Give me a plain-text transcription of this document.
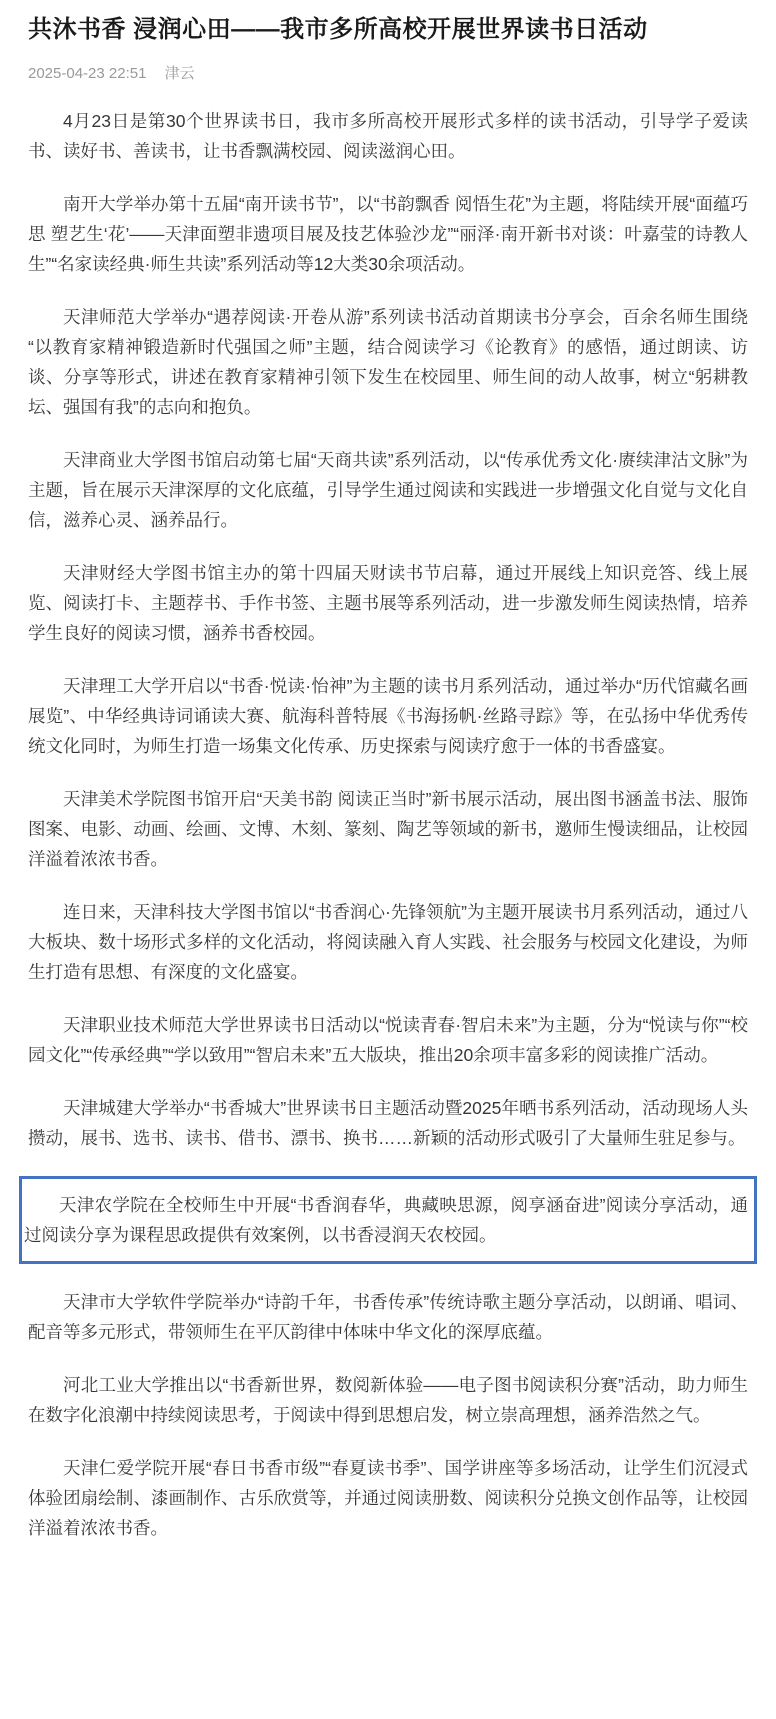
共沐书香 浸润心田——我市多所高校开展世界读书日活动
2025-04-23 22:51 津云

4月23日是第30个世界读书日，我市多所高校开展形式多样的读书活动，引导学子爱读书、读好书、善读书，让书香飘满校园、阅读滋润心田。

南开大学举办第十五届“南开读书节”，以“书韵飘香 阅悟生花”为主题，将陆续开展“面蕴巧思 塑艺生‘花’——天津面塑非遗项目展及技艺体验沙龙”“丽泽·南开新书对谈：叶嘉莹的诗教人生”“名家读经典·师生共读”系列活动等12大类30余项活动。

天津师范大学举办“遇荐阅读·开卷从游”系列读书活动首期读书分享会，百余名师生围绕“以教育家精神锻造新时代强国之师”主题，结合阅读学习《论教育》的感悟，通过朗读、访谈、分享等形式，讲述在教育家精神引领下发生在校园里、师生间的动人故事，树立“躬耕教坛、强国有我”的志向和抱负。

天津商业大学图书馆启动第七届“天商共读”系列活动，以“传承优秀文化·赓续津沽文脉”为主题，旨在展示天津深厚的文化底蕴，引导学生通过阅读和实践进一步增强文化自觉与文化自信，滋养心灵、涵养品行。

天津财经大学图书馆主办的第十四届天财读书节启幕，通过开展线上知识竞答、线上展览、阅读打卡、主题荐书、手作书签、主题书展等系列活动，进一步激发师生阅读热情，培养学生良好的阅读习惯，涵养书香校园。

天津理工大学开启以“书香·悦读·怡神”为主题的读书月系列活动，通过举办“历代馆藏名画展览”、中华经典诗词诵读大赛、航海科普特展《书海扬帆·丝路寻踪》等，在弘扬中华优秀传统文化同时，为师生打造一场集文化传承、历史探索与阅读疗愈于一体的书香盛宴。

天津美术学院图书馆开启“天美书韵 阅读正当时”新书展示活动，展出图书涵盖书法、服饰图案、电影、动画、绘画、文博、木刻、篆刻、陶艺等领域的新书，邀师生慢读细品，让校园洋溢着浓浓书香。

连日来，天津科技大学图书馆以“书香润心·先锋领航”为主题开展读书月系列活动，通过八大板块、数十场形式多样的文化活动，将阅读融入育人实践、社会服务与校园文化建设，为师生打造有思想、有深度的文化盛宴。

天津职业技术师范大学世界读书日活动以“悦读青春·智启未来”为主题，分为“悦读与你”“校园文化”“传承经典”“学以致用”“智启未来”五大版块，推出20余项丰富多彩的阅读推广活动。

天津城建大学举办“书香城大”世界读书日主题活动暨2025年晒书系列活动，活动现场人头攒动，展书、选书、读书、借书、漂书、换书……新颖的活动形式吸引了大量师生驻足参与。

天津农学院在全校师生中开展“书香润春华，典藏映思源，阅享涵奋进”阅读分享活动，通过阅读分享为课程思政提供有效案例，以书香浸润天农校园。

天津市大学软件学院举办“诗韵千年，书香传承”传统诗歌主题分享活动，以朗诵、唱词、配音等多元形式，带领师生在平仄韵律中体味中华文化的深厚底蕴。

河北工业大学推出以“书香新世界，数阅新体验——电子图书阅读积分赛”活动，助力师生在数字化浪潮中持续阅读思考，于阅读中得到思想启发，树立崇高理想，涵养浩然之气。

天津仁爱学院开展“春日书香市级”“春夏读书季”、国学讲座等多场活动，让学生们沉浸式体验团扇绘制、漆画制作、古乐欣赏等，并通过阅读册数、阅读积分兑换文创作品等，让校园洋溢着浓浓书香。
